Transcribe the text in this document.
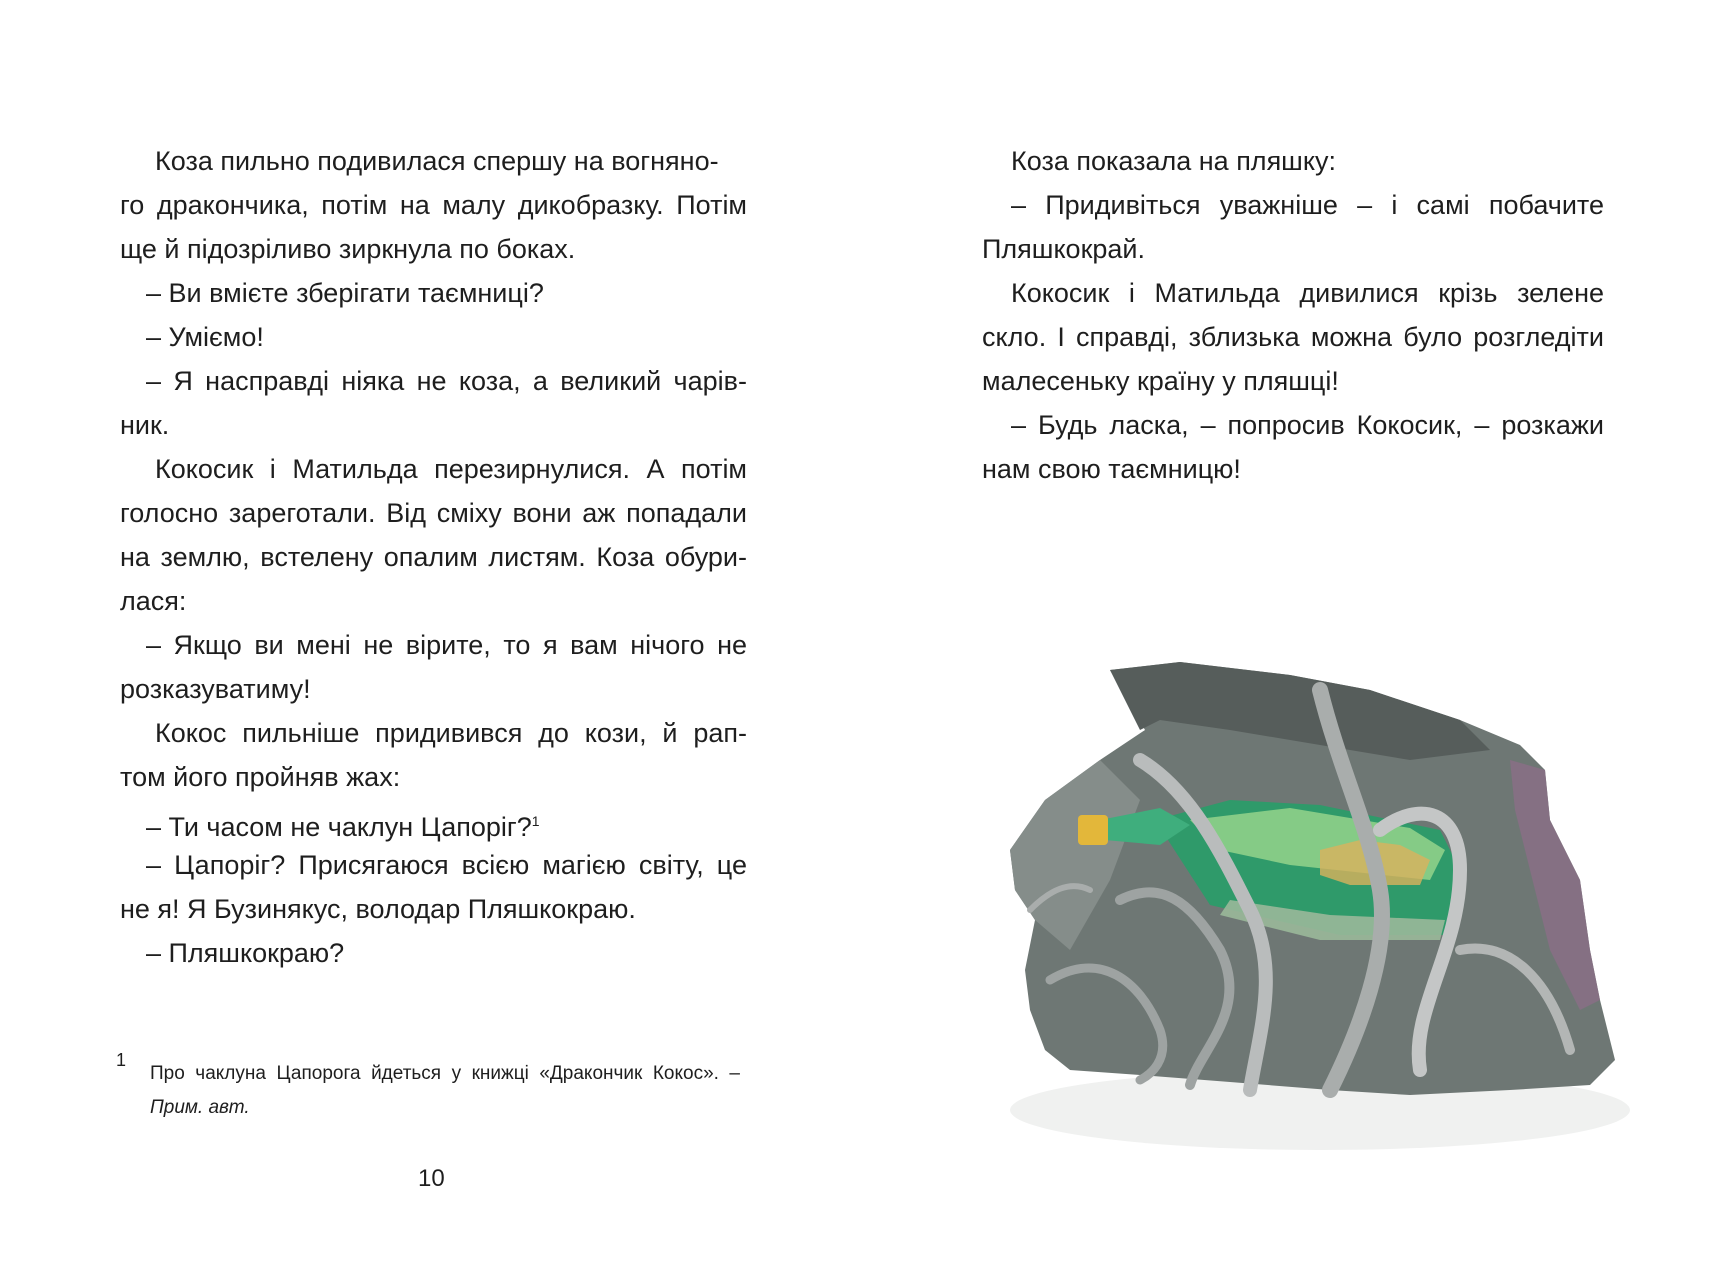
Коза пильно подивилася спершу на вогняно-
го дракончика, потім на малу дикобразку. Потім
ще й підозріливо зиркнула по боках.
– Ви вмієте зберігати таємниці?
– Уміємо!
– Я насправді ніяка не коза, а великий чарів-
ник.
Кокосик і Матильда перезирнулися. А потім
голосно зареготали. Від сміху вони аж попадали
на землю, встелену опалим листям. Коза обури-
лася:
– Якщо ви мені не вірите, то я вам нічого не
розказуватиму!
Кокос пильніше придивився до кози, й рап-
том його пройняв жах:
– Ти часом не чаклун Цапоріг?$^1$
– Цапоріг? Присягаюся всією магією світу, це
не я! Я Бузинякус, володар Пляшкокраю.
– Пляшкокраю?
1
Про чаклуна Цапорога йдеться у книжці «Дракончик Кокос». –
Прим. авт.
10
Коза показала на пляшку:
– Придивіться уважніше – і самі побачите
Пляшкокрай.
Кокосик і Матильда дивилися крізь зелене
скло. І справді, зблизька можна було розгледіти
малесеньку країну у пляшці!
– Будь ласка, – попросив Кокосик, – розкажи
нам свою таємницю!
